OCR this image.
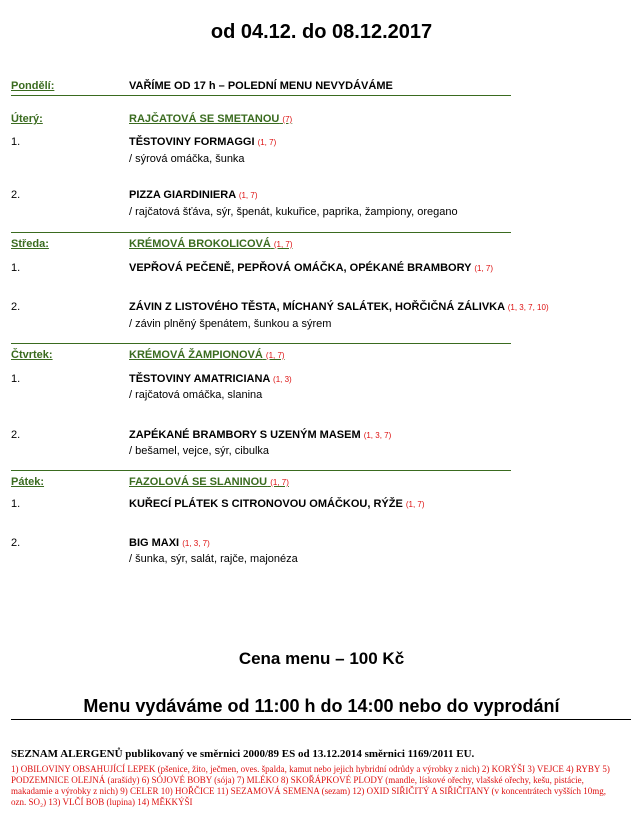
od 04.12. do 08.12.2017
Pondělí:	VAŘÍME OD 17 h – POLEDNÍ MENU NEVYDÁVÁME
Úterý:	RAJČATOVÁ SE SMETANOU (7)
1.	TĚSTOVINY FORMAGGI (1, 7)
/ sýrová omáčka, šunka
2.	PIZZA GIARDINIERA (1, 7)
/ rajčatová šťáva, sýr, špenát, kukuřice, paprika, žampiony, oregano
Středa:	KRÉMOVÁ BROKOLICOVÁ (1, 7)
1.	VEPŘOVÁ PEČENĚ, PEPŘOVÁ OMÁČKA, OPÉKANÉ BRAMBORY (1, 7)
2.	ZÁVIN Z LISTOVÉHO TĚSTA, MÍCHANÝ SALÁTEK, HOŘČIČNÁ ZÁLIVKA (1, 3, 7, 10)
/ závin plněný špenátem, šunkou a sýrem
Čtvrtek:	KRÉMOVÁ ŽAMPIONOVÁ (1, 7)
1.	TĚSTOVINY AMATRICIANA (1, 3)
/ rajčatová omáčka, slanina
2.	ZAPÉKANÉ BRAMBORY S UZENÝM MASEM (1, 3, 7)
/ bešamel, vejce, sýr, cibulka
Pátek:	FAZOLOVÁ SE SLANINOU (1, 7)
1.	KUŘECÍ PLÁTEK S CITRONOVOU OMÁČKOU, RÝŽE (1, 7)
2.	BIG MAXI (1, 3, 7)
/ šunka, sýr, salát, rajče, majonéza
Cena menu – 100 Kč
Menu vydáváme od 11:00 h do 14:00 nebo do vyprodání
SEZNAM ALERGENŮ publikovaný ve směrnici 2000/89 ES od 13.12.2014 směrnici 1169/2011 EU.
1) OBILOVINY OBSAHUJÍCÍ LEPEK (pšenice, žito, ječmen, oves. špalda, kamut nebo jejich hybridní odrůdy a výrobky z nich) 2) KORÝŠI 3) VEJCE 4) RYBY 5) PODZEMNICE OLEJNÁ (arašídy) 6) SÓJOVÉ BOBY (sója) 7) MLÉKO 8) SKOŘÁPKOVÉ PLODY (mandle, lískové ořechy, vlašské ořechy, kešu, pistácie, makadamie a výrobky z nich) 9) CELER 10) HOŘČICE 11) SEZAMOVÁ SEMENA (sezam) 12) OXID SIŘIČITÝ A SIŘIČITANY (v koncentrátech vyšších 10mg, ozn. SO₂) 13) VLČÍ BOB (lupina) 14) MĚKKÝŠI
